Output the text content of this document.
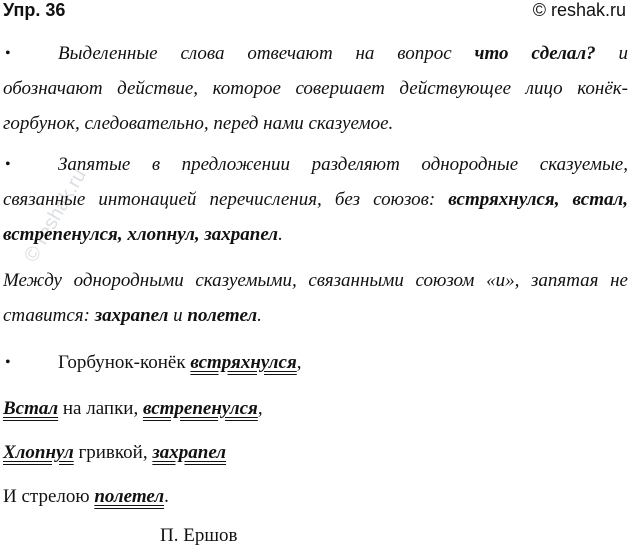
Упр. 36	© reshak.ru
© reshak.ru
• Выделенные слова отвечают на вопрос что сделал? и
обозначают действие, которое совершает действующее лицо конёк-
горбунок, следовательно, перед нами сказуемое.
• Запятые в предложении разделяют однородные сказуемые,
связанные интонацией перечисления, без союзов: встряхнулся, встал,
встрепенулся, хлопнул, захрапел.
Между однородными сказуемыми, связанными союзом «и», запятая не
ставится: захрапел и полетел.
• Горбунок-конёк встряхнулся,
Встал на лапки, встрепенулся,
Хлопнул гривкой, захрапел
И стрелою полетел.
П. Ершов
